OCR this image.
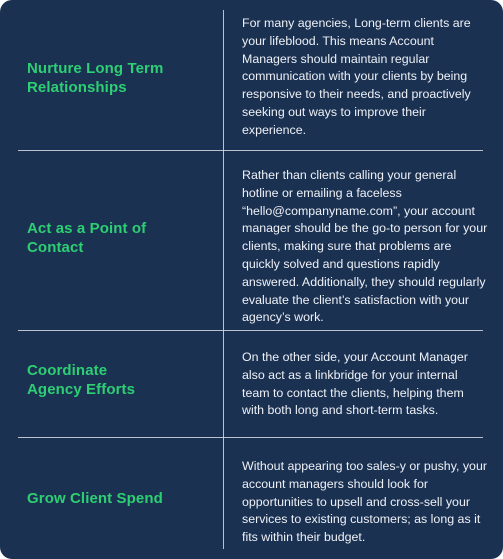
Nurture Long Term Relationships
For many agencies, Long-term clients are your lifeblood. This means Account Managers should maintain regular communication with your clients by being responsive to their needs, and proactively seeking out ways to improve their experience.
Act as a Point of Contact
Rather than clients calling your general hotline or emailing a faceless “hello@companyname.com”, your account manager should be the go-to person for your clients, making sure that problems are quickly solved and questions rapidly answered. Additionally, they should regularly evaluate the client’s satisfaction with your agency’s work.
Coordinate Agency Efforts
On the other side, your Account Manager also act as a linkbridge for your internal team to contact the clients, helping them with both long and short-term tasks.
Grow Client Spend
Without appearing too sales-y or pushy, your account managers should look for opportunities to upsell and cross-sell your services to existing customers; as long as it fits within their budget.
